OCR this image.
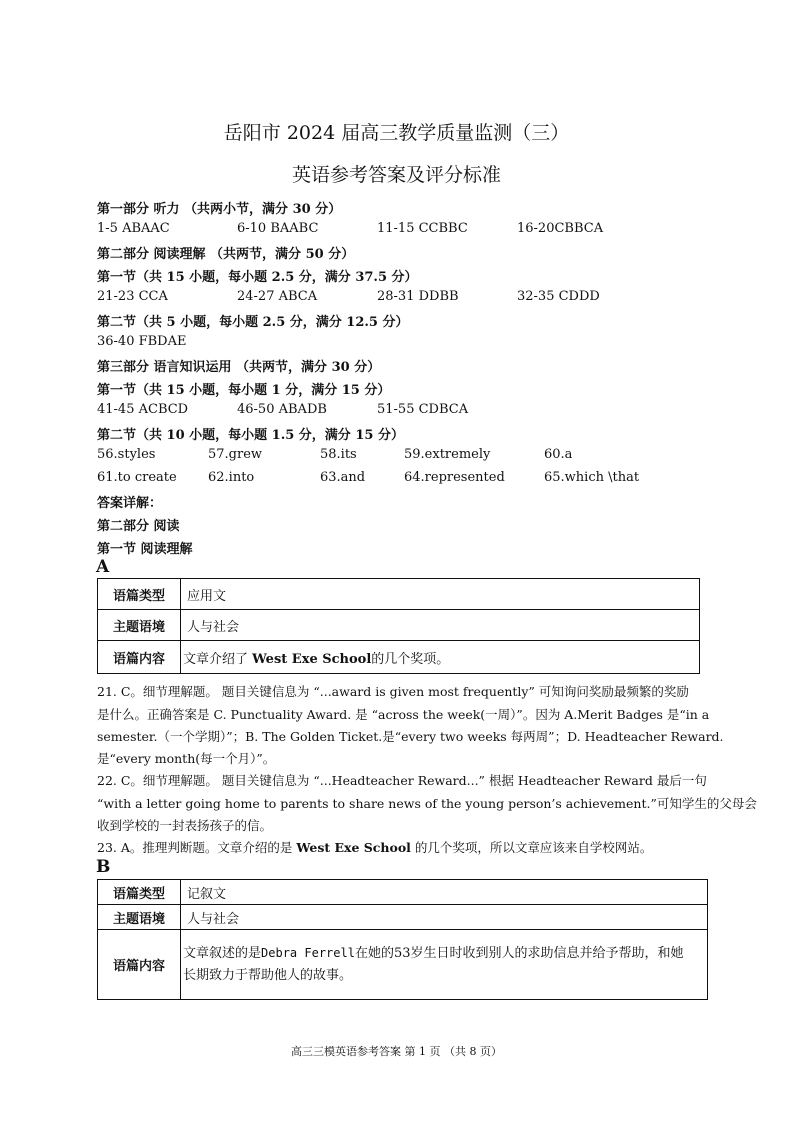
岳阳市 2024 届高三教学质量监测（三）
英语参考答案及评分标准
第一部分 听力 （共两小节，满分 30 分）
1-5 ABAAC	6-10 BAABC	11-15 CCBBC	16-20CBBCA
第二部分 阅读理解 （共两节，满分 50 分）
第一节（共 15 小题，每小题 2.5 分，满分 37.5 分）
21-23 CCA	24-27 ABCA	28-31 DDBB	32-35 CDDD
第二节（共 5 小题，每小题 2.5 分，满分 12.5 分）
36-40 FBDAE
第三部分 语言知识运用 （共两节，满分 30 分）
第一节（共 15 小题，每小题 1 分，满分 15 分）
41-45 ACBCD	46-50 ABADB	51-55 CDBCA
第二节（共 10 小题，每小题 1.5 分，满分 15 分）
56.styles	57.grew	58.its	59.extremely	60.a
61.to create 62.into	63.and	64.represented	65.which \that
答案详解：
第二部分 阅读
第一节 阅读理解
A
语篇类型	应用文
主题语境	人与社会
语篇内容	文章介绍了 West Exe School的几个奖项。
21. C。细节理解题。 题目关键信息为 “...award is given most frequently” 可知询问奖励最频繁的奖励
是什么。正确答案是 C. Punctuality Award. 是 “across the week(一周）”。因为 A.Merit Badges 是“in a
semester.（一个学期）”；B. The Golden Ticket.是“every two weeks 每两周”；D. Headteacher Reward.
是“every month(每一个月）”。
22. C。细节理解题。 题目关键信息为 “...Headteacher Reward...” 根据 Headteacher Reward 最后一句
“with a letter going home to parents to share news of the young person’s achievement.”可知学生的父母会
收到学校的一封表扬孩子的信。
23. A。推理判断题。文章介绍的是 West Exe School 的几个奖项，所以文章应该来自学校网站。
B
语篇类型	记叙文
主题语境	人与社会
语篇内容	文章叙述的是Debra Ferrell在她的53岁生日时收到别人的求助信息并给予帮助，和她
长期致力于帮助他人的故事。
高三三模英语参考答案 第 1 页 （共 8 页）
